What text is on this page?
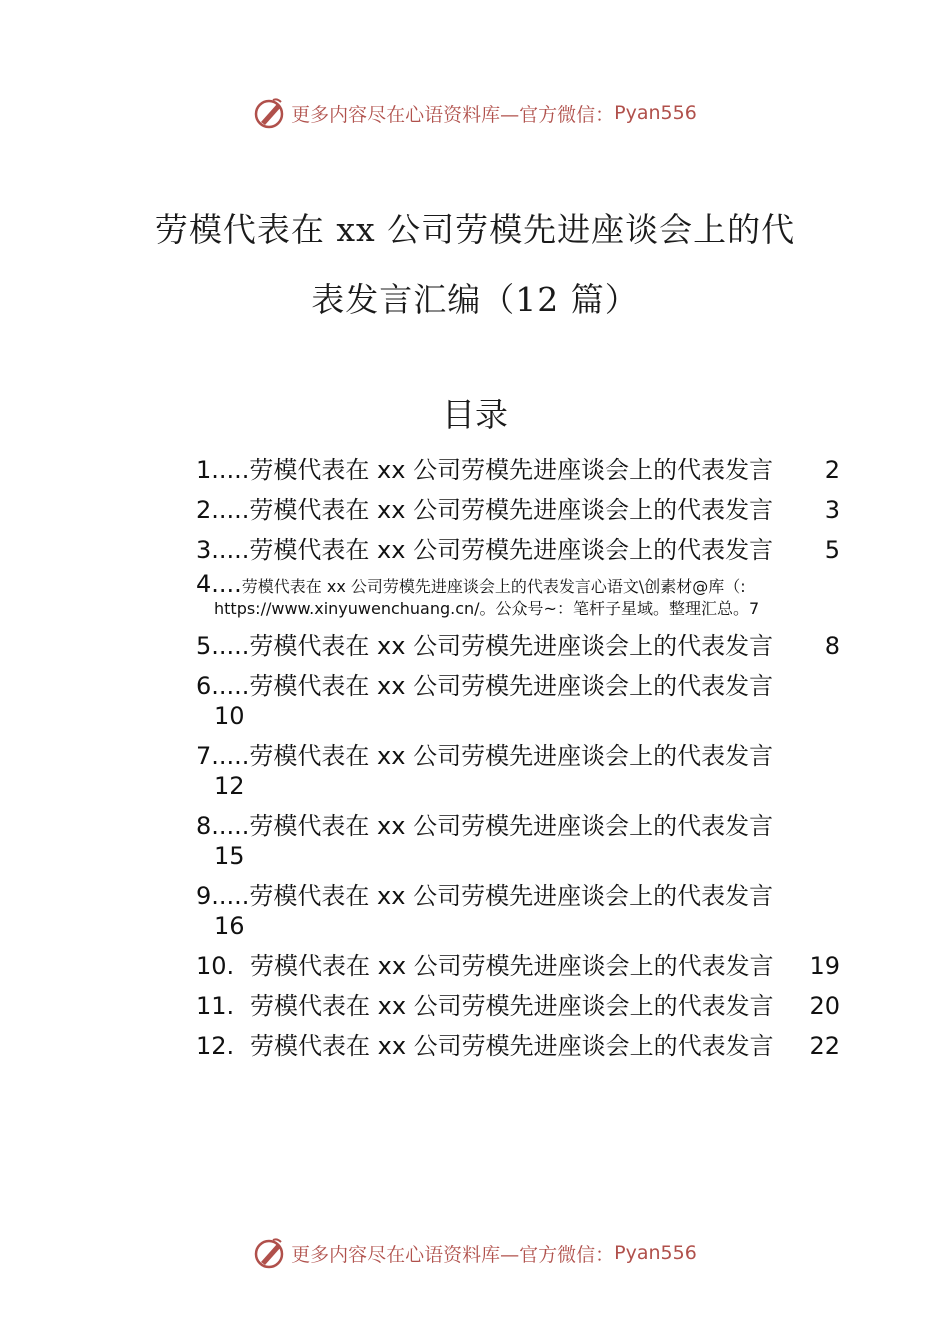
更多内容尽在心语资料库—官方微信： Pyan556
劳模代表在 xx 公司劳模先进座谈会上的代
表发言汇编（12 篇）
目录
1.....劳模代表在 xx 公司劳模先进座谈会上的代表发言 2
2.....劳模代表在 xx 公司劳模先进座谈会上的代表发言 3
3.....劳模代表在 xx 公司劳模先进座谈会上的代表发言 5
4....劳模代表在 xx 公司劳模先进座谈会上的代表发言心语文\创素材@库（:
https://www.xinyuwenchuang.cn/。公众号~：笔杆子星域。整理汇总。7
5.....劳模代表在 xx 公司劳模先进座谈会上的代表发言 8
6.....劳模代表在 xx 公司劳模先进座谈会上的代表发言
10
7.....劳模代表在 xx 公司劳模先进座谈会上的代表发言
12
8.....劳模代表在 xx 公司劳模先进座谈会上的代表发言
15
9.....劳模代表在 xx 公司劳模先进座谈会上的代表发言
16
10. 劳模代表在 xx 公司劳模先进座谈会上的代表发言 19
11. 劳模代表在 xx 公司劳模先进座谈会上的代表发言 20
12. 劳模代表在 xx 公司劳模先进座谈会上的代表发言 22
更多内容尽在心语资料库—官方微信： Pyan556
